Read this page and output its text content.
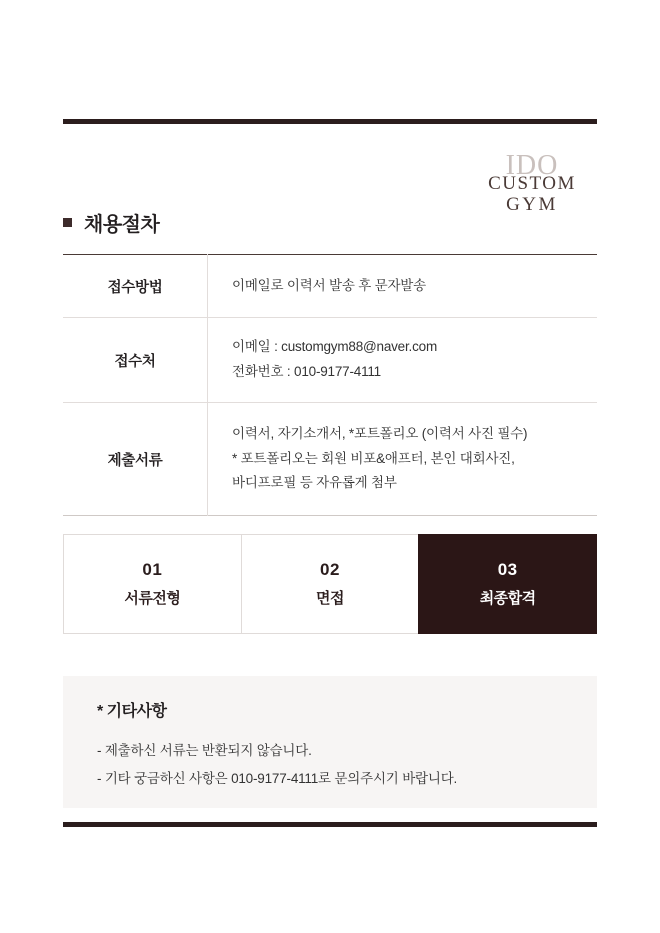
IDO
CUSTOM
GYM
채용절차
접수방법	이메일로 이력서 발송 후 문자발송

접수처	이메일 : customgym88@naver.com
전화번호 : 010-9177-4111

제출서류	이력서, 자기소개서, *포트폴리오 (이력서 사진 필수)
* 포트폴리오는 회원 비포&애프터, 본인 대회사진,
바디프로필 등 자유롭게 첨부
01
서류전형
02
면접
03
최종합격
* 기타사항
- 제출하신 서류는 반환되지 않습니다.
- 기타 궁금하신 사항은 010-9177-4111로 문의주시기 바랍니다.
